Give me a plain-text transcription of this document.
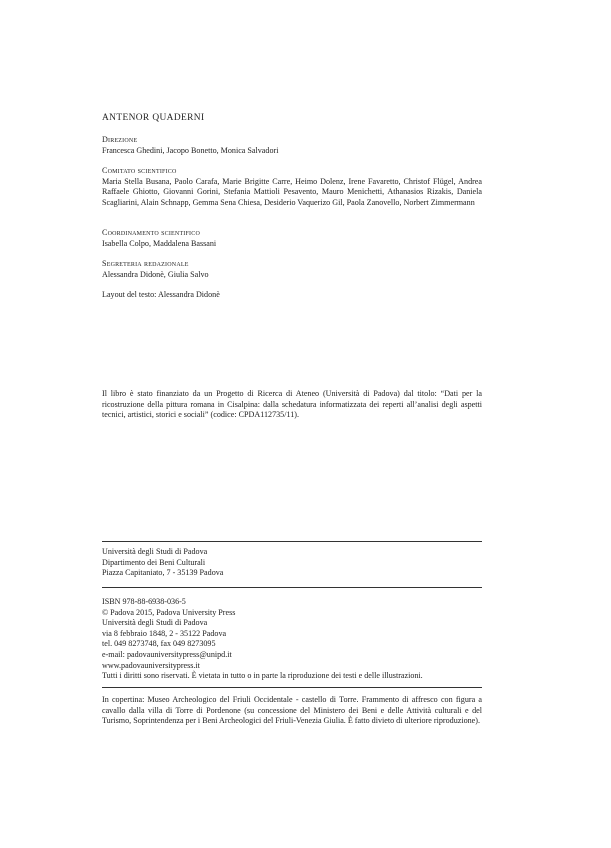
ANTENOR QUADERNI
Direzione
Francesca Ghedini, Jacopo Bonetto, Monica Salvadori
Comitato scientifico
Maria Stella Busana, Paolo Carafa, Marie Brigitte Carre, Heimo Dolenz, Irene Favaretto, Christof Flügel, Andrea Raffaele Ghiotto, Giovanni Gorini, Stefania Mattioli Pesavento, Mauro Menichetti, Athanasios Rizakis, Daniela Scagliarini, Alain Schnapp, Gemma Sena Chiesa, Desiderio Vaquerizo Gil, Paola Zanovello, Norbert Zimmermann
Coordinamento scientifico
Isabella Colpo, Maddalena Bassani
Segreteria redazionale
Alessandra Didonè, Giulia Salvo
Layout del testo: Alessandra Didonè
Il libro è stato finanziato da un Progetto di Ricerca di Ateneo (Università di Padova) dal titolo: “Dati per la ricostruzione della pittura romana in Cisalpina: dalla schedatura informatizzata dei reperti all’analisi degli aspetti tecnici, artistici, storici e sociali” (codice: CPDA112735/11).
Università degli Studi di Padova
Dipartimento dei Beni Culturali
Piazza Capitaniato, 7 - 35139 Padova
ISBN 978-88-6938-036-5
© Padova 2015, Padova University Press
Università degli Studi di Padova
via 8 febbraio 1848, 2 - 35122 Padova
tel. 049 8273748, fax 049 8273095
e-mail: padovauniversitypress@unipd.it
www.padovauniversitypress.it
Tutti i diritti sono riservati. È vietata in tutto o in parte la riproduzione dei testi e delle illustrazioni.
In copertina: Museo Archeologico del Friuli Occidentale - castello di Torre. Frammento di affresco con figura a cavallo dalla villa di Torre di Pordenone (su concessione del Ministero dei Beni e delle Attività culturali e del Turismo, Soprintendenza per i Beni Archeologici del Friuli-Venezia Giulia. È fatto divieto di ulteriore riproduzione).
